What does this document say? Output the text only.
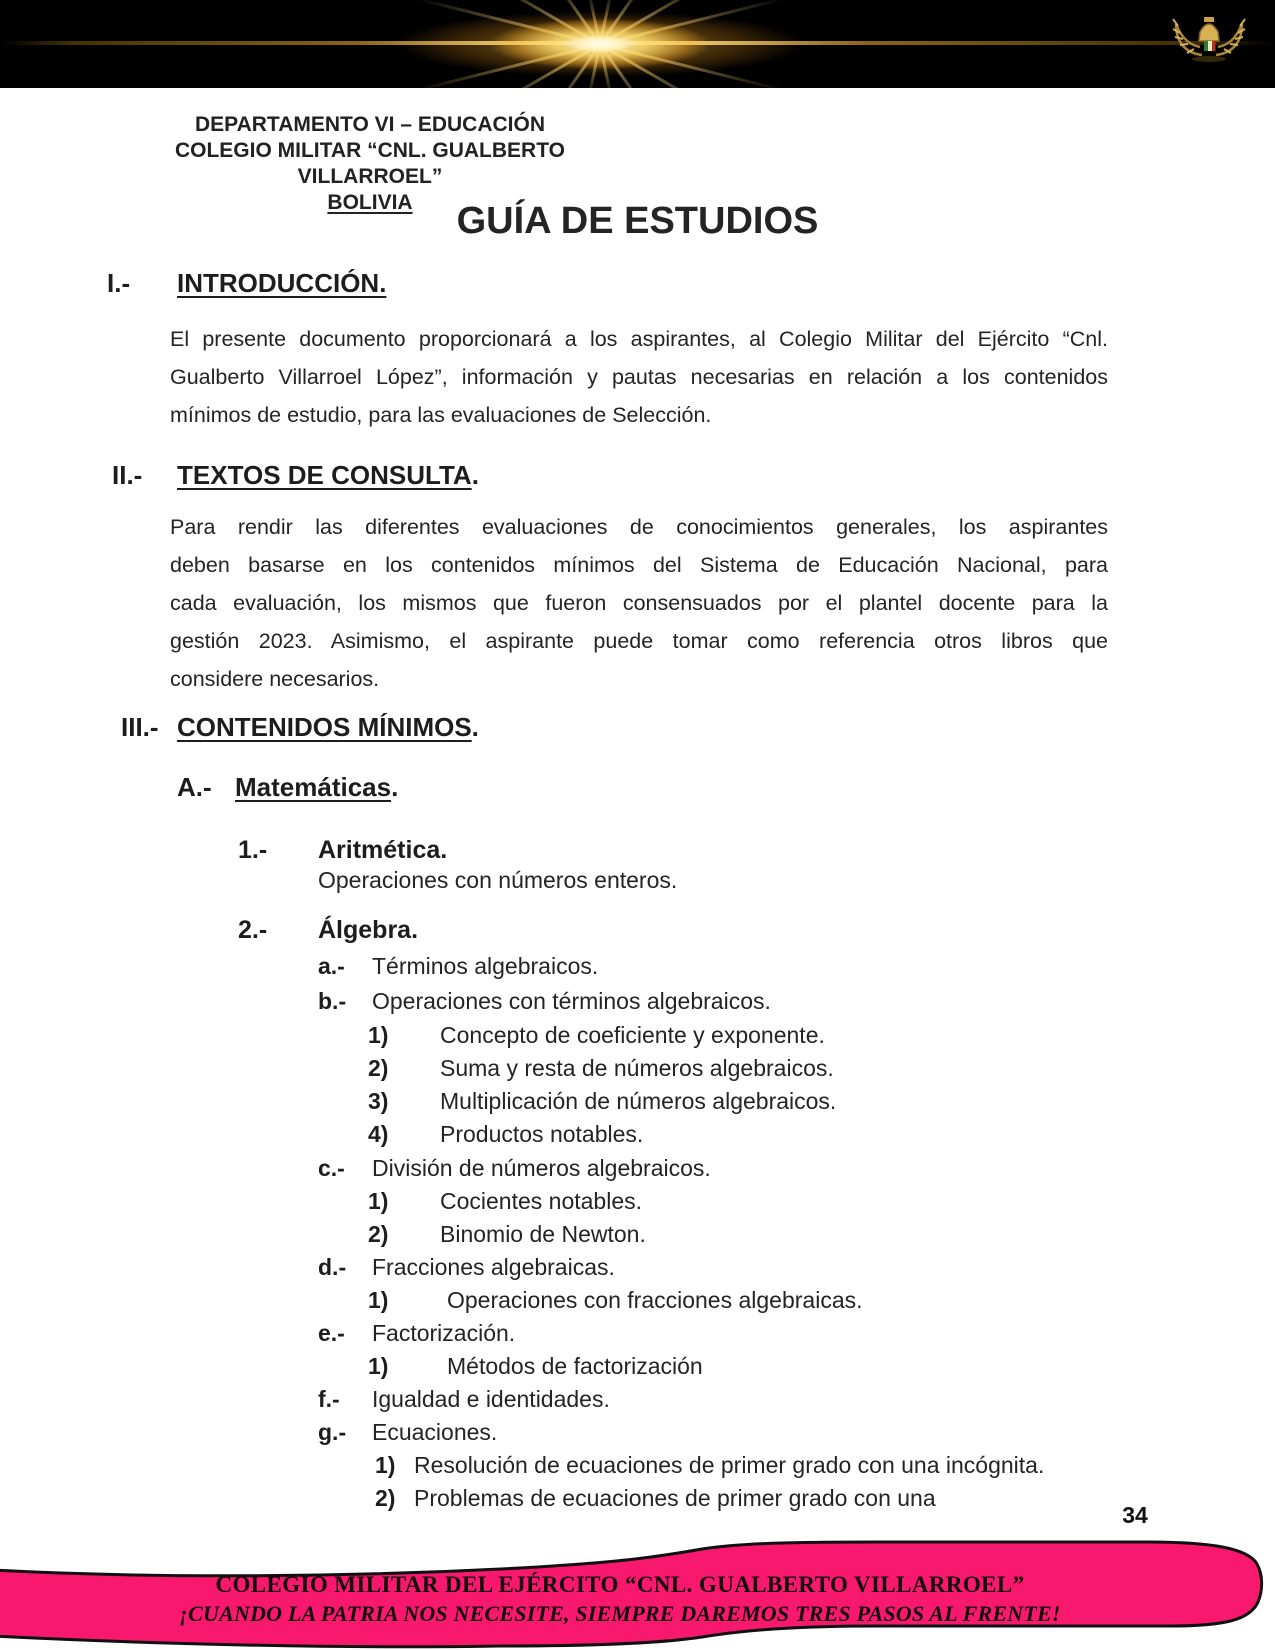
DEPARTAMENTO VI – EDUCACIÓN
COLEGIO MILITAR “CNL. GUALBERTO VILLARROEL”
BOLIVIA	GUÍA DE ESTUDIOS
I.- INTRODUCCIÓN.
El presente documento proporcionará a los aspirantes, al Colegio Militar del Ejército “Cnl.
Gualberto Villarroel López”, información y pautas necesarias en relación a los contenidos
mínimos de estudio, para las evaluaciones de Selección.
II.- TEXTOS DE CONSULTA.
Para rendir las diferentes evaluaciones de conocimientos generales, los aspirantes
deben basarse en los contenidos mínimos del Sistema de Educación Nacional, para
cada evaluación, los mismos que fueron consensuados por el plantel docente para la
gestión 2023. Asimismo, el aspirante puede tomar como referencia otros libros que
considere necesarios.
III.- CONTENIDOS MÍNIMOS.
A.- Matemáticas.
1.- Aritmética.
Operaciones con números enteros.
2.- Álgebra.
a.- Términos algebraicos.
b.- Operaciones con términos algebraicos.
1) Concepto de coeficiente y exponente.
2) Suma y resta de números algebraicos.
3) Multiplicación de números algebraicos.
4) Productos notables.
c.- División de números algebraicos.
1) Cocientes notables.
2) Binomio de Newton.
d.- Fracciones algebraicas.
1)	Operaciones con fracciones algebraicas.
e.- Factorización.
1)	Métodos de factorización
f.- Igualdad e identidades.
g.- Ecuaciones.
1) Resolución de ecuaciones de primer grado con una incógnita.
2) Problemas de ecuaciones de primer grado con una
34
COLEGIO MILITAR DEL EJÉRCITO “CNL. GUALBERTO VILLARROEL”
¡CUANDO LA PATRIA NOS NECESITE, SIEMPRE DAREMOS TRES PASOS AL FRENTE!
